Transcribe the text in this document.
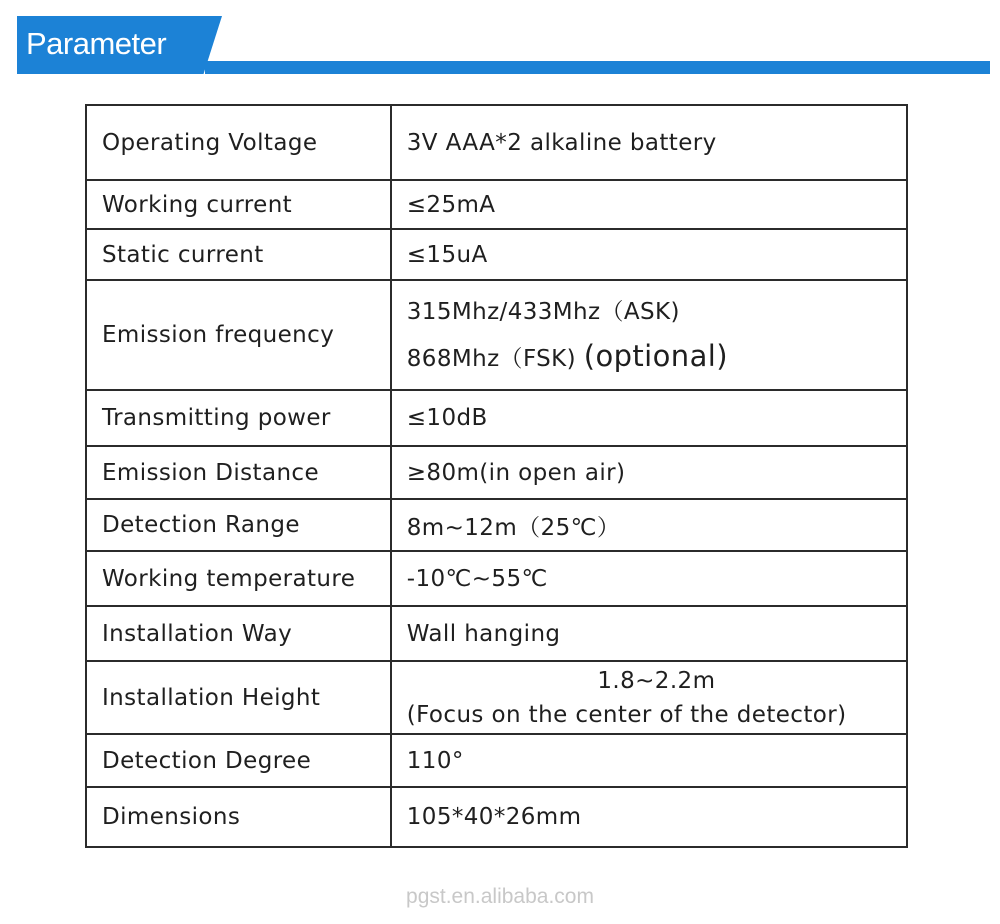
Parameter
Operating Voltage	3V AAA*2 alkaline battery
Working current	≤25mA
Static current	≤15uA
Emission frequency	315Mhz/433Mhz（ASK)
868Mhz（FSK) (optional)

Transmitting power	≤10dB
Emission Distance	≥80m(in open air)
Detection Range	8m~12m（25℃）
Working temperature	-10℃~55℃
Installation Way	Wall hanging
Installation Height	1.8~2.2m
(Focus on the center of the detector)

Detection Degree	110°
Dimensions	105*40*26mm
pgst.en.alibaba.com
